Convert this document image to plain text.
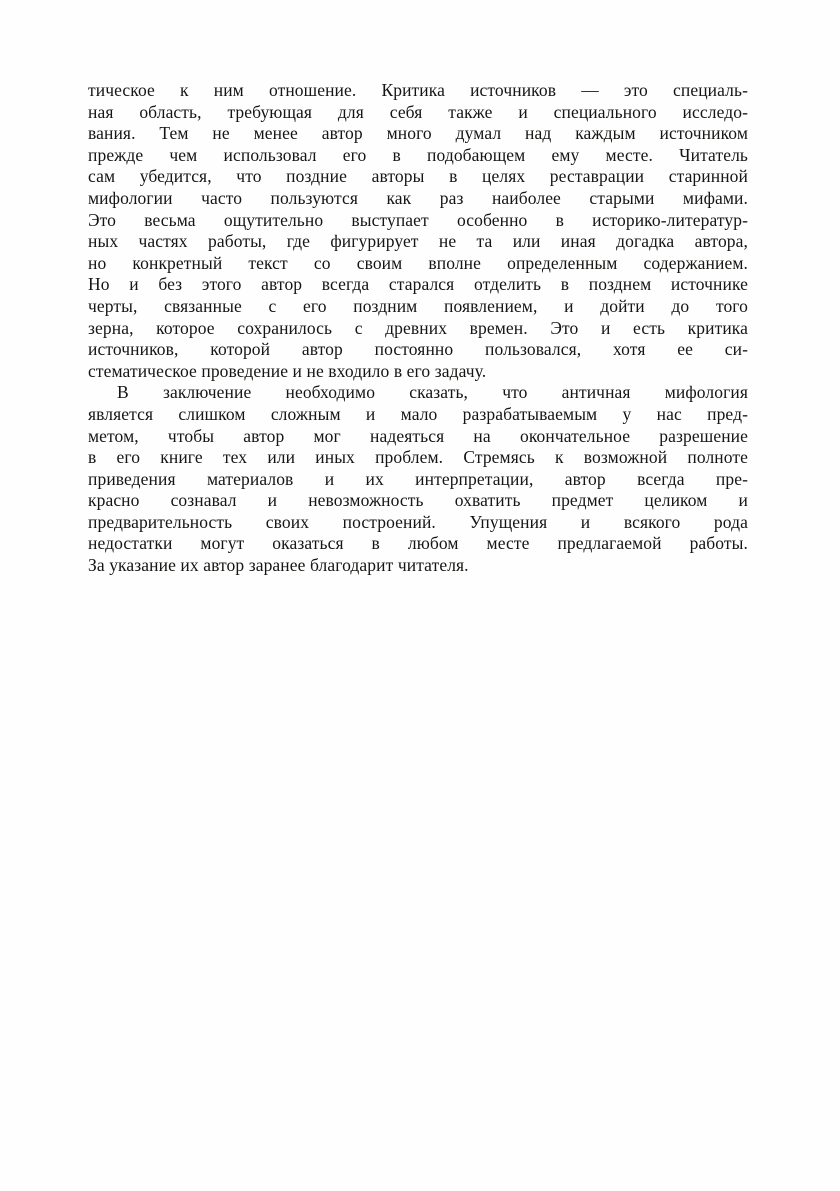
тическое к ним отношение. Критика источников — это специаль-
ная область, требующая для себя также и специального исследо-
вания. Тем не менее автор много думал над каждым источником
прежде чем использовал его в подобающем ему месте. Читатель
сам убедится, что поздние авторы в целях реставрации старинной
мифологии часто пользуются как раз наиболее старыми мифами.
Это весьма ощутительно выступает особенно в историко-литератур-
ных частях работы, где фигурирует не та или иная догадка автора,
но конкретный текст со своим вполне определенным содержанием.
Но и без этого автор всегда старался отделить в позднем источнике
черты, связанные с его поздним появлением, и дойти до того
зерна, которое сохранилось с древних времен. Это и есть критика
источников, которой автор постоянно пользовался, хотя ее си-
стематическое проведение и не входило в его задачу.
В заключение необходимо сказать, что античная мифология
является слишком сложным и мало разрабатываемым у нас пред-
метом, чтобы автор мог надеяться на окончательное разрешение
в его книге тех или иных проблем. Стремясь к возможной полноте
приведения материалов и их интерпретации, автор всегда пре-
красно сознавал и невозможность охватить предмет целиком и
предварительность своих построений. Упущения и всякого рода
недостатки могут оказаться в любом месте предлагаемой работы.
За указание их автор заранее благодарит читателя.
